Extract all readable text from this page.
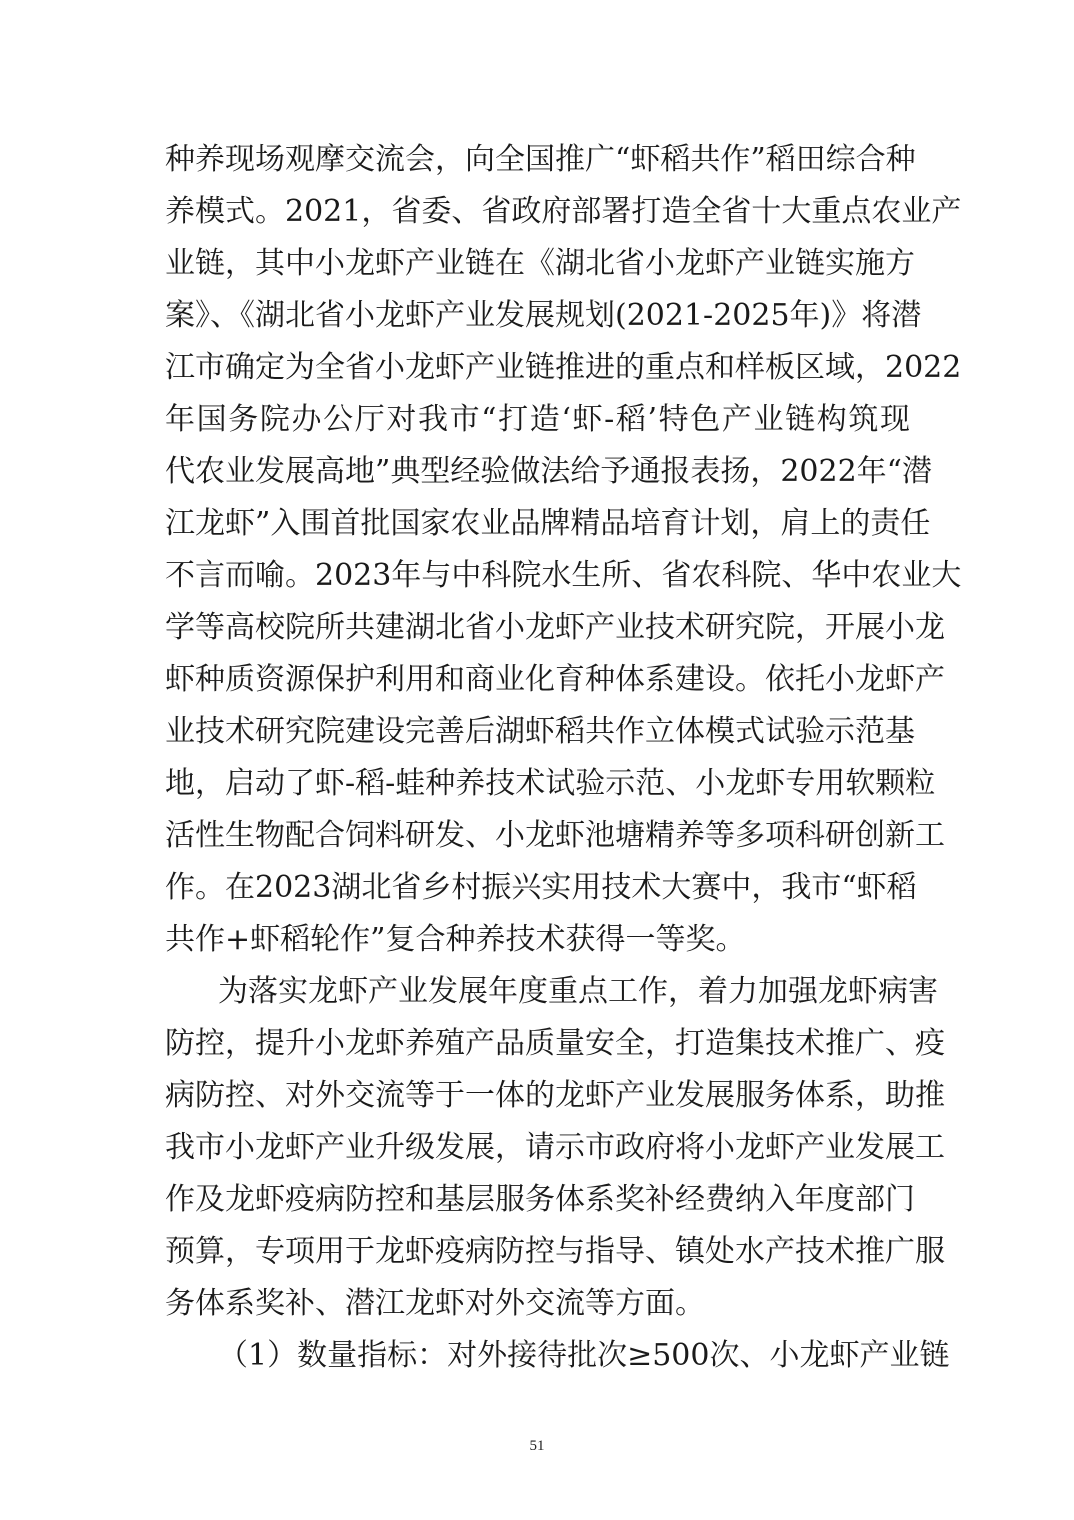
种养现场观摩交流会，向全国推广“虾稻共作”稻田综合种
养模式。2021，省委、省政府部署打造全省十大重点农业产
业链，其中小龙虾产业链在《湖北省小龙虾产业链实施方
案》、《湖北省小龙虾产业发展规划(2021-2025年)》将潜
江市确定为全省小龙虾产业链推进的重点和样板区域，2022
年国务院办公厅对我市“打造‘虾-稻’特色产业链构筑现
代农业发展高地”典型经验做法给予通报表扬，2022年“潜
江龙虾”入围首批国家农业品牌精品培育计划，肩上的责任
不言而喻。2023年与中科院水生所、省农科院、华中农业大
学等高校院所共建湖北省小龙虾产业技术研究院，开展小龙
虾种质资源保护利用和商业化育种体系建设。依托小龙虾产
业技术研究院建设完善后湖虾稻共作立体模式试验示范基
地，启动了虾-稻-蛙种养技术试验示范、小龙虾专用软颗粒
活性生物配合饲料研发、小龙虾池塘精养等多项科研创新工
作。在2023湖北省乡村振兴实用技术大赛中，我市“虾稻
共作+虾稻轮作”复合种养技术获得一等奖。
为落实龙虾产业发展年度重点工作，着力加强龙虾病害
防控，提升小龙虾养殖产品质量安全，打造集技术推广、疫
病防控、对外交流等于一体的龙虾产业发展服务体系，助推
我市小龙虾产业升级发展，请示市政府将小龙虾产业发展工
作及龙虾疫病防控和基层服务体系奖补经费纳入年度部门
预算，专项用于龙虾疫病防控与指导、镇处水产技术推广服
务体系奖补、潜江龙虾对外交流等方面。
（1）数量指标：对外接待批次≥500次、小龙虾产业链
51
